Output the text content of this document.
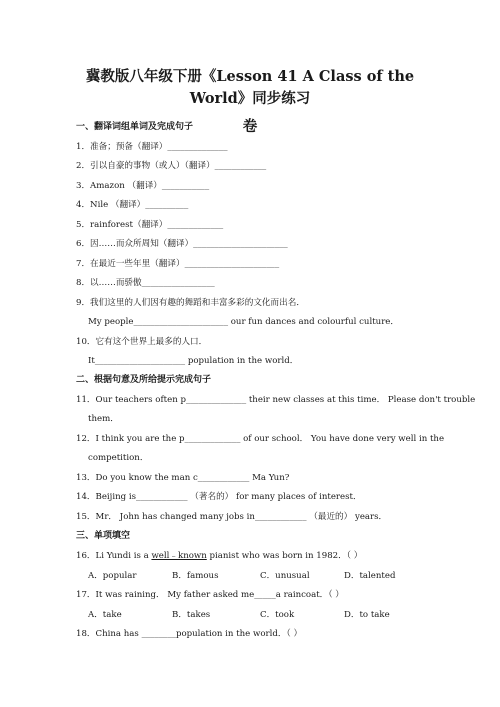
冀教版八年级下册《Lesson 41 A Class of the World》同步练习
卷
一、翻译词组单词及完成句子
1．准备；预备（翻译）______________
2．引以自豪的事物（或人）（翻译）____________
3．Amazon （翻译）___________
4．Nile （翻译）__________
5．rainforest（翻译）_____________
6．因……而众所周知（翻译）______________________
7．在最近一些年里（翻译）______________________
8．以……而骄傲_________________
9．我们这里的人们因有趣的舞蹈和丰富多彩的文化而出名．
My people______________________ our fun dances and colourful culture．
10．它有这个世界上最多的人口．
It_____________________ population in the world．
二、根据句意及所给提示完成句子
11．Our teachers often p______________ their new classes at this time． Please don't trouble
them．
12．I think you are the p_____________ of our school． You have done very well in the
competition．
13．Do you know the man c____________ Ma Yun?
14．Beijing is____________ （著名的） for many places of interest．
15．Mr． John has changed many jobs in____________ （最近的） years．
三、单项填空
16．Li Yundi is a well﹣known pianist who was born in 1982．（ ）
A．popular	B．famous	C．unusual	D．talented
17．It was raining． My father asked me_____a raincoat．（ ）
A．take	B．takes	C．took	D．to take
18．China has ________population in the world．（ ）
